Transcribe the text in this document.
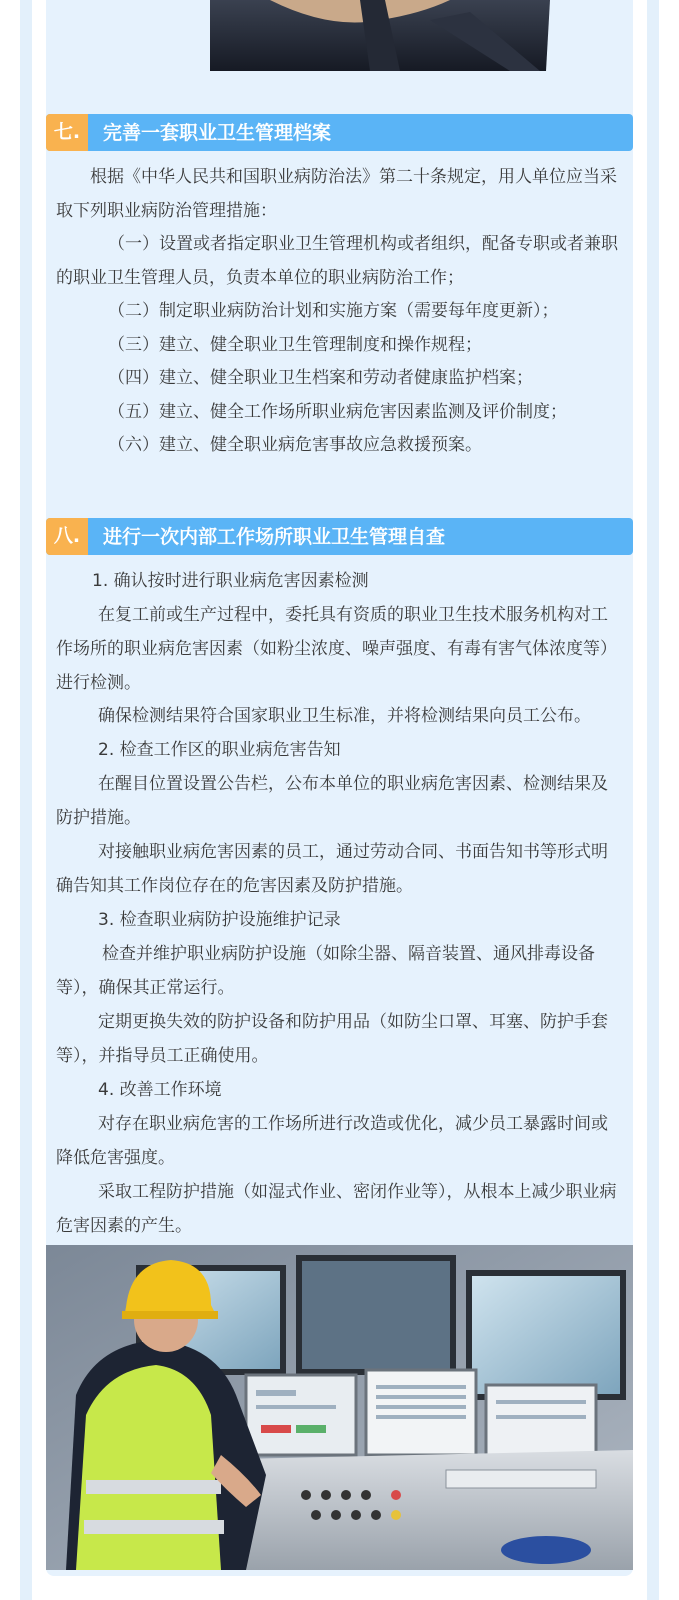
七.	完善一套职业卫生管理档案

根据《中华人民共和国职业病防治法》第二十条规定，用人单位应当采取下列职业病防治管理措施：

（一）设置或者指定职业卫生管理机构或者组织，配备专职或者兼职的职业卫生管理人员，负责本单位的职业病防治工作；

（二）制定职业病防治计划和实施方案（需要每年度更新）；

（三）建立、健全职业卫生管理制度和操作规程；

（四）建立、健全职业卫生档案和劳动者健康监护档案；

（五）建立、健全工作场所职业病危害因素监测及评价制度；

（六）建立、健全职业病危害事故应急救援预案。

八.	进行一次内部工作场所职业卫生管理自查

1. 确认按时进行职业病危害因素检测

在复工前或生产过程中，委托具有资质的职业卫生技术服务机构对工作场所的职业病危害因素（如粉尘浓度、噪声强度、有毒有害气体浓度等）进行检测。

确保检测结果符合国家职业卫生标准，并将检测结果向员工公布。

2. 检查工作区的职业病危害告知

在醒目位置设置公告栏，公布本单位的职业病危害因素、检测结果及防护措施。

对接触职业病危害因素的员工，通过劳动合同、书面告知书等形式明确告知其工作岗位存在的危害因素及防护措施。

3. 检查职业病防护设施维护记录

检查并维护职业病防护设施（如除尘器、隔音装置、通风排毒设备等），确保其正常运行。

定期更换失效的防护设备和防护用品（如防尘口罩、耳塞、防护手套等），并指导员工正确使用。

4. 改善工作环境

对存在职业病危害的工作场所进行改造或优化，减少员工暴露时间或降低危害强度。

采取工程防护措施（如湿式作业、密闭作业等），从根本上减少职业病危害因素的产生。
